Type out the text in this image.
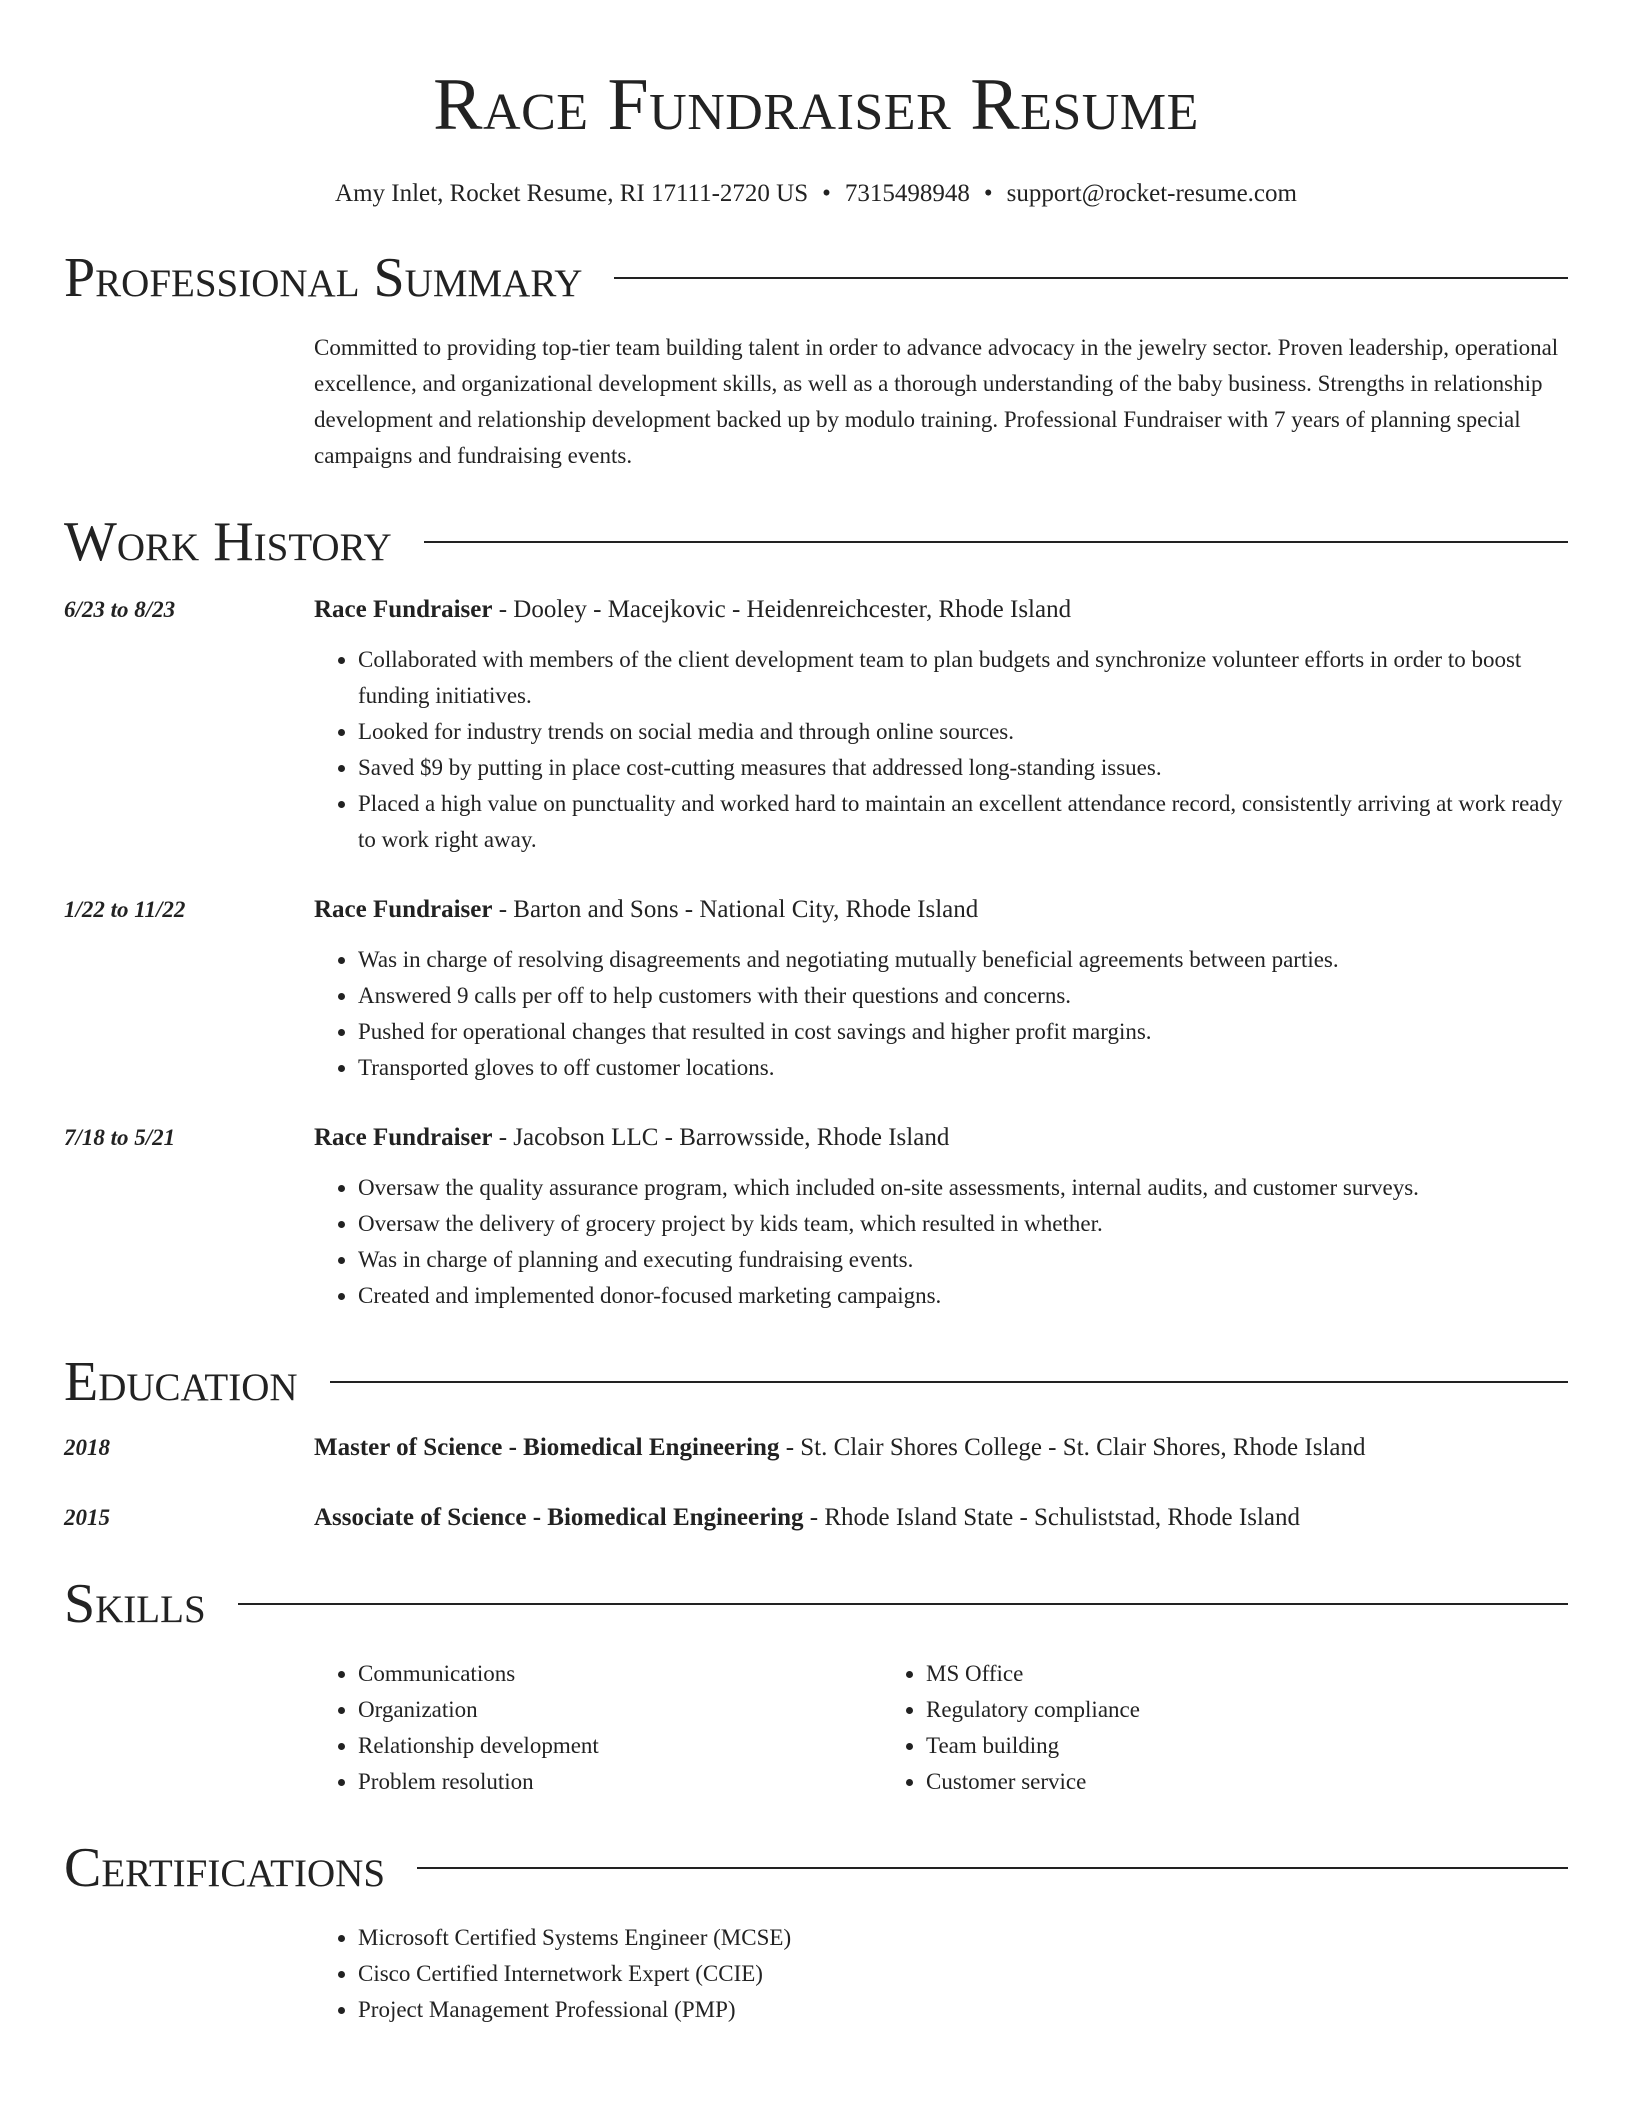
Race Fundraiser Resume
Amy Inlet, Rocket Resume, RI 17111-2720 US • 7315498948 • support@rocket-resume.com
Professional Summary
Committed to providing top-tier team building talent in order to advance advocacy in the jewelry sector. Proven leadership, operational excellence, and organizational development skills, as well as a thorough understanding of the baby business. Strengths in relationship development and relationship development backed up by modulo training. Professional Fundraiser with 7 years of planning special campaigns and fundraising events.
Work History
6/23 to 8/23	Race Fundraiser - Dooley - Macejkovic - Heidenreichcester, Rhode Island
• Collaborated with members of the client development team to plan budgets and synchronize volunteer efforts in order to boost funding initiatives.
• Looked for industry trends on social media and through online sources.
• Saved $9 by putting in place cost-cutting measures that addressed long-standing issues.
• Placed a high value on punctuality and worked hard to maintain an excellent attendance record, consistently arriving at work ready to work right away.
1/22 to 11/22	Race Fundraiser - Barton and Sons - National City, Rhode Island
• Was in charge of resolving disagreements and negotiating mutually beneficial agreements between parties.
• Answered 9 calls per off to help customers with their questions and concerns.
• Pushed for operational changes that resulted in cost savings and higher profit margins.
• Transported gloves to off customer locations.
7/18 to 5/21	Race Fundraiser - Jacobson LLC - Barrowsside, Rhode Island
• Oversaw the quality assurance program, which included on-site assessments, internal audits, and customer surveys.
• Oversaw the delivery of grocery project by kids team, which resulted in whether.
• Was in charge of planning and executing fundraising events.
• Created and implemented donor-focused marketing campaigns.
Education
2018	Master of Science - Biomedical Engineering - St. Clair Shores College - St. Clair Shores, Rhode Island
2015	Associate of Science - Biomedical Engineering - Rhode Island State - Schuliststad, Rhode Island
Skills
• Communications
• Organization
• Relationship development
• Problem resolution
• MS Office
• Regulatory compliance
• Team building
• Customer service
Certifications
• Microsoft Certified Systems Engineer (MCSE)
• Cisco Certified Internetwork Expert (CCIE)
• Project Management Professional (PMP)
